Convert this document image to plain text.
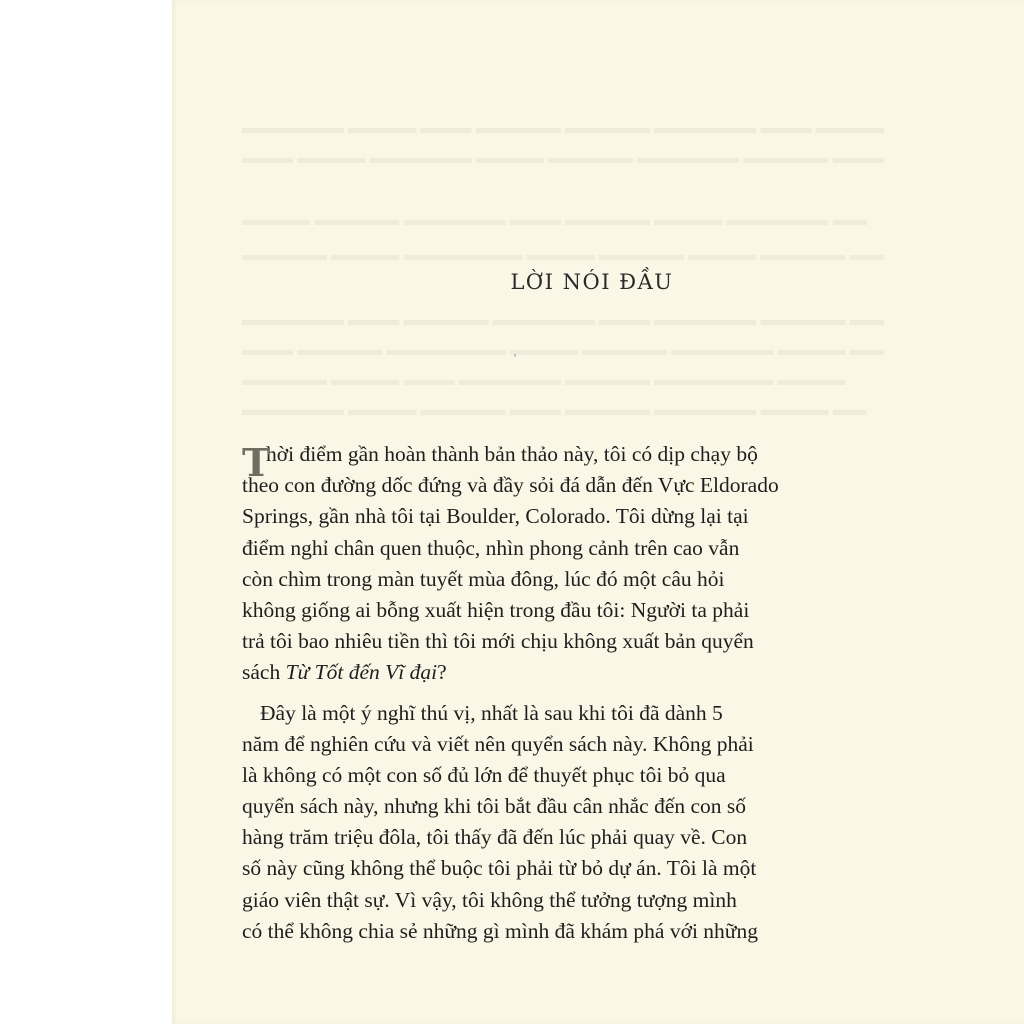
LỜI NÓI ĐẦU
T
hời điểm gần hoàn thành bản thảo này, tôi có dịp chạy bộ
theo con đường dốc đứng và đầy sỏi đá dẫn đến Vực Eldorado
Springs, gần nhà tôi tại Boulder, Colorado. Tôi dừng lại tại
điểm nghỉ chân quen thuộc, nhìn phong cảnh trên cao vẫn
còn chìm trong màn tuyết mùa đông, lúc đó một câu hỏi
không giống ai bỗng xuất hiện trong đầu tôi: Người ta phải
trả tôi bao nhiêu tiền thì tôi mới chịu không xuất bản quyển
sách Từ Tốt đến Vĩ đại?
Đây là một ý nghĩ thú vị, nhất là sau khi tôi đã dành 5
năm để nghiên cứu và viết nên quyển sách này. Không phải
là không có một con số đủ lớn để thuyết phục tôi bỏ qua
quyển sách này, nhưng khi tôi bắt đầu cân nhắc đến con số
hàng trăm triệu đôla, tôi thấy đã đến lúc phải quay về. Con
số này cũng không thể buộc tôi phải từ bỏ dự án. Tôi là một
giáo viên thật sự. Vì vậy, tôi không thể tưởng tượng mình
có thể không chia sẻ những gì mình đã khám phá với những
